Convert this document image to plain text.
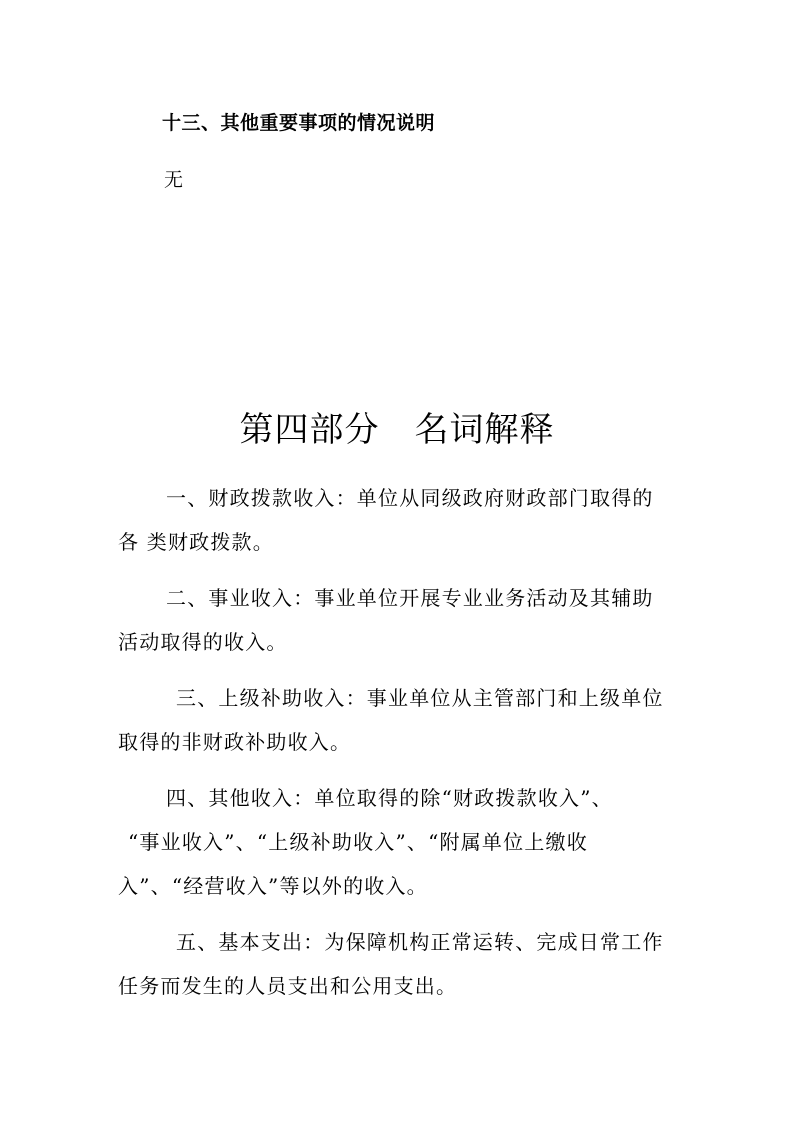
十三、其他重要事项的情况说明
无
第四部分　名词解释
一、财政拨款收入：单位从同级政府财政部门取得的
各 类财政拨款。
二、事业收入：事业单位开展专业业务活动及其辅助
活动取得的收入。
三、上级补助收入：事业单位从主管部门和上级单位
取得的非财政补助收入。
四、其他收入：单位取得的除“财政拨款收入”、
“事业收入”、“上级补助收入”、“附属单位上缴收
入”、“经营收入”等以外的收入。
五、基本支出：为保障机构正常运转、完成日常工作
任务而发生的人员支出和公用支出。
